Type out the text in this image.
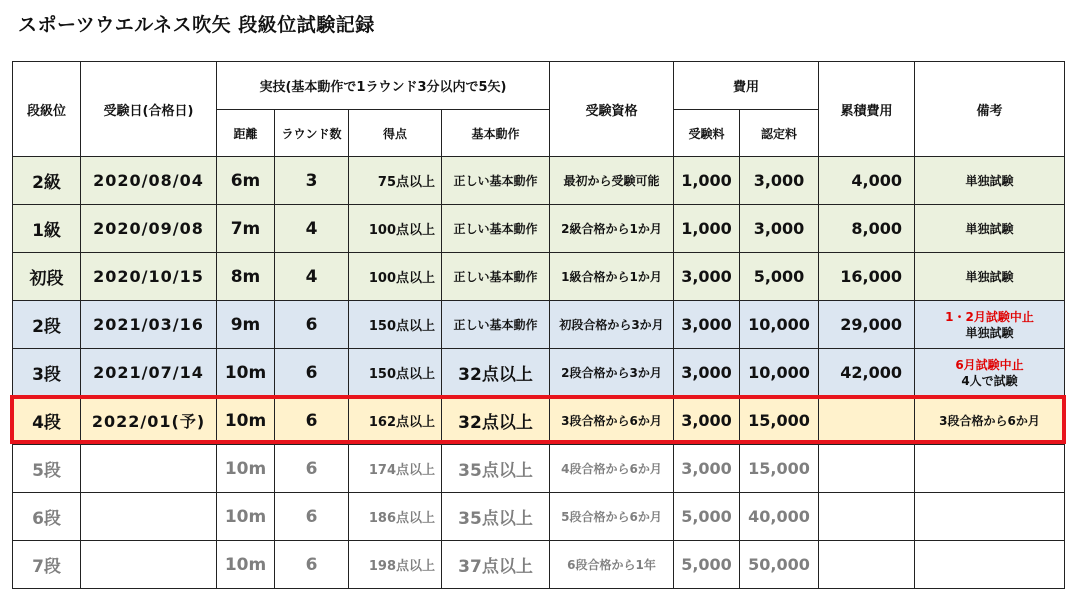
スポーツウエルネス吹矢 段級位試験記録
段級位	受験日(合格日)	実技(基本動作で1ラウンド3分以内で5矢)				受験資格	費用		累積費用	備考
		距離	ラウンド数	得点	基本動作		受験料	認定料		
2級	2020/08/04	6m	3	75点以上	正しい基本動作	最初から受験可能	1,000	3,000	4,000	単独試験

1級	2020/09/08	7m	4	100点以上	正しい基本動作	2級合格から1か月	1,000	3,000	8,000	単独試験

初段	2020/10/15	8m	4	100点以上	正しい基本動作	1級合格から1か月	3,000	5,000	16,000	単独試験

2段	2021/03/16	9m	6	150点以上	正しい基本動作	初段合格から3か月	3,000	10,000	29,000	1・2月試験中止
単独試験

3段	2021/07/14	10m	6	150点以上	32点以上	2段合格から3か月	3,000	10,000	42,000	6月試験中止
4人で試験

4段	2022/01(予)	10m	6	162点以上	32点以上	3段合格から6か月	3,000	15,000		3段合格から6か月

5段		10m	6	174点以上	35点以上	4段合格から6か月	3,000	15,000		
6段		10m	6	186点以上	35点以上	5段合格から6か月	5,000	40,000		
7段		10m	6	198点以上	37点以上	6段合格から1年	5,000	50,000		
